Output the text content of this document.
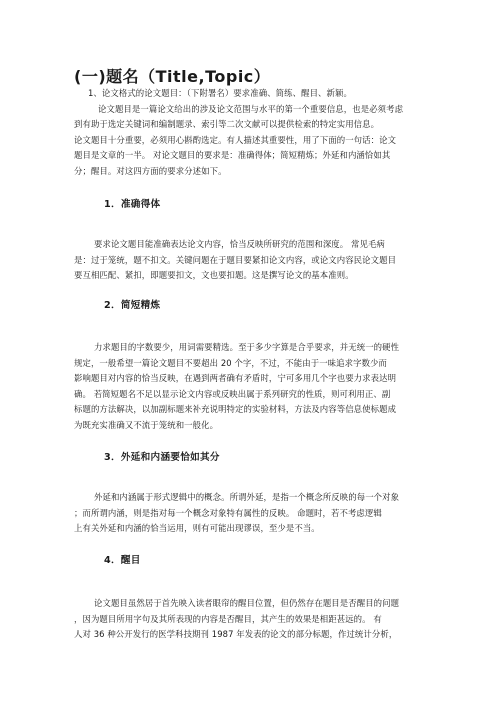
(一)题名（Title,Topic）
1、论文格式的论文题目：（下附署名）要求准确、简练、醒目、新颖。
论文题目是一篇论文给出的涉及论文范围与水平的第一个重要信息，也是必须考虑
到有助于选定关键词和编制题录、索引等二次文献可以提供检索的特定实用信息。
论文题目十分重要，必须用心斟酌选定。有人描述其重要性，用了下面的一句话：论文
题目是文章的一半。 对论文题目的要求是：准确得体；简短精炼；外延和内涵恰如其
分；醒目。对这四方面的要求分述如下。
1．准确得体
要求论文题目能准确表达论文内容，恰当反映所研究的范围和深度。 常见毛病
是：过于笼统，题不扣文。关键问题在于题目要紧扣论文内容，或论文内容民论文题目
要互相匹配、紧扣，即题要扣文，文也要扣题。这是撰写论文的基本准则。
2．简短精炼
力求题目的字数要少，用词需要精选。至于多少字算是合乎要求，并无统一的硬性
规定，一般希望一篇论文题目不要超出 20 个字，不过，不能由于一味追求字数少而
影响题目对内容的恰当反映，在遇到两者确有矛盾时，宁可多用几个字也要力求表达明
确。 若简短题名不足以显示论文内容或反映出属于系列研究的性质，则可利用正、副
标题的方法解决，以加副标题来补充说明特定的实验材料，方法及内容等信息使标题成
为既充实准确又不流于笼统和一般化。
3．外延和内涵要恰如其分
外延和内涵属于形式逻辑中的概念。所谓外延，是指一个概念所反映的每一个对象
；而所谓内涵，则是指对每一个概念对象特有属性的反映。 命题时，若不考虑逻辑
上有关外延和内涵的恰当运用，则有可能出现谬误，至少是不当。
4．醒目
论文题目虽然居于首先映入读者眼帘的醒目位置，但仍然存在题目是否醒目的问题
，因为题目所用字句及其所表现的内容是否醒目，其产生的效果是相距甚远的。 有
人对 36 种公开发行的医学科技期刊 1987 年发表的论文的部分标题，作过统计分析，
